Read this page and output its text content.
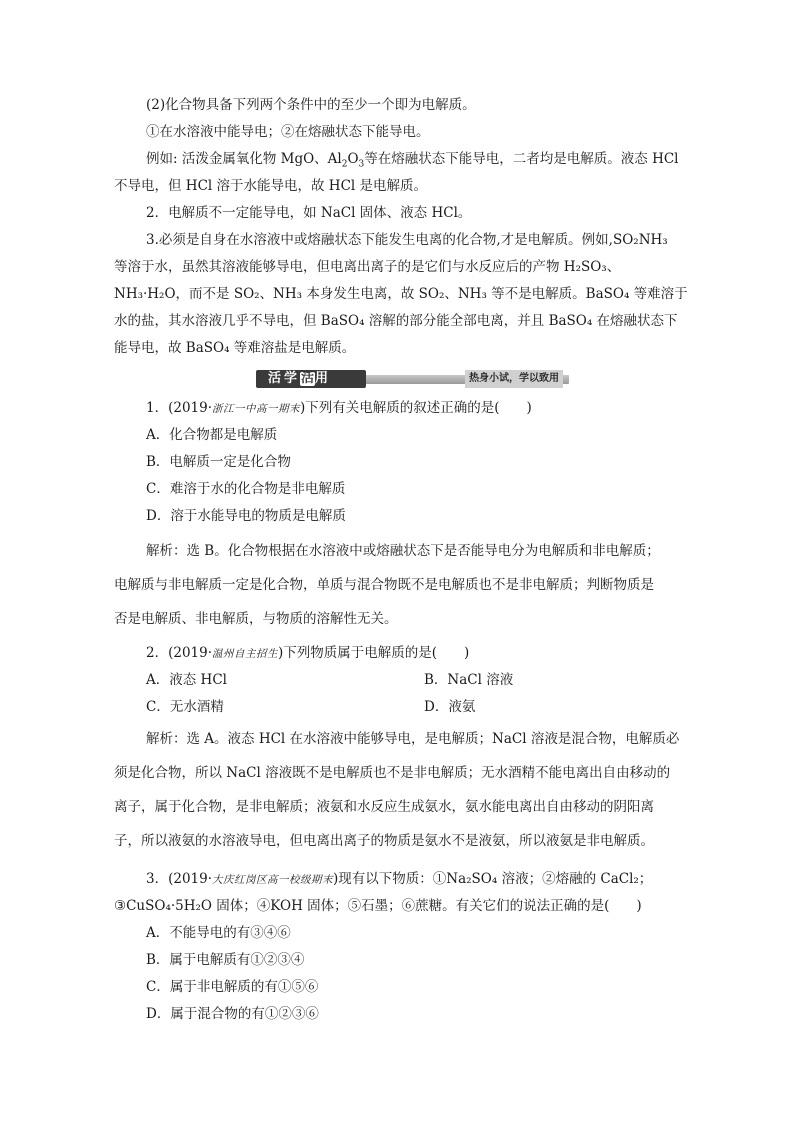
(2)化合物具备下列两个条件中的至少一个即为电解质。
①在水溶液中能导电；②在熔融状态下能导电。
例如: 活泼金属氧化物 MgO、$Al_2O_3$等在熔融状态下能导电，二者均是电解质。液态 HCl
不导电，但 HCl 溶于水能导电，故 HCl 是电解质。
2．电解质不一定能导电，如 NaCl 固体、液态 HCl。
3.必须是自身在水溶液中或熔融状态下能发生电离的化合物,才是电解质。例如,SO₂NH₃
等溶于水，虽然其溶液能够导电，但电离出离子的是它们与水反应后的产物 H₂SO₃、
NH₃·H₂O，而不是 SO₂、NH₃ 本身发生电离，故 SO₂、NH₃ 等不是电解质。BaSO₄ 等难溶于
水的盐，其水溶液几乎不导电，但 BaSO₄ 溶解的部分能全部电离，并且 BaSO₄ 在熔融状态下
能导电，故 BaSO₄ 等难溶盐是电解质。
活学活用	热身小试，学以致用
1．(2019·浙江一中高一期末)下列有关电解质的叙述正确的是(　　)
A．化合物都是电解质
B．电解质一定是化合物
C．难溶于水的化合物是非电解质
D．溶于水能导电的物质是电解质
解析：选 B。化合物根据在水溶液中或熔融状态下是否能导电分为电解质和非电解质；
电解质与非电解质一定是化合物，单质与混合物既不是电解质也不是非电解质；判断物质是
否是电解质、非电解质，与物质的溶解性无关。
2．(2019·温州自主招生)下列物质属于电解质的是(　　)
A．液态 HCl	B．NaCl 溶液
C．无水酒精	D．液氨
解析：选 A。液态 HCl 在水溶液中能够导电，是电解质；NaCl 溶液是混合物，电解质必
须是化合物，所以 NaCl 溶液既不是电解质也不是非电解质；无水酒精不能电离出自由移动的
离子，属于化合物，是非电解质；液氨和水反应生成氨水，氨水能电离出自由移动的阴阳离
子，所以液氨的水溶液导电，但电离出离子的物质是氨水不是液氨，所以液氨是非电解质。
3．(2019·大庆红岗区高一校级期末)现有以下物质：①Na₂SO₄ 溶液；②熔融的 CaCl₂；
③CuSO₄·5H₂O 固体；④KOH 固体；⑤石墨；⑥蔗糖。有关它们的说法正确的是(　　)
A．不能导电的有③④⑥
B．属于电解质有①②③④
C．属于非电解质的有①⑤⑥
D．属于混合物的有①②③⑥
